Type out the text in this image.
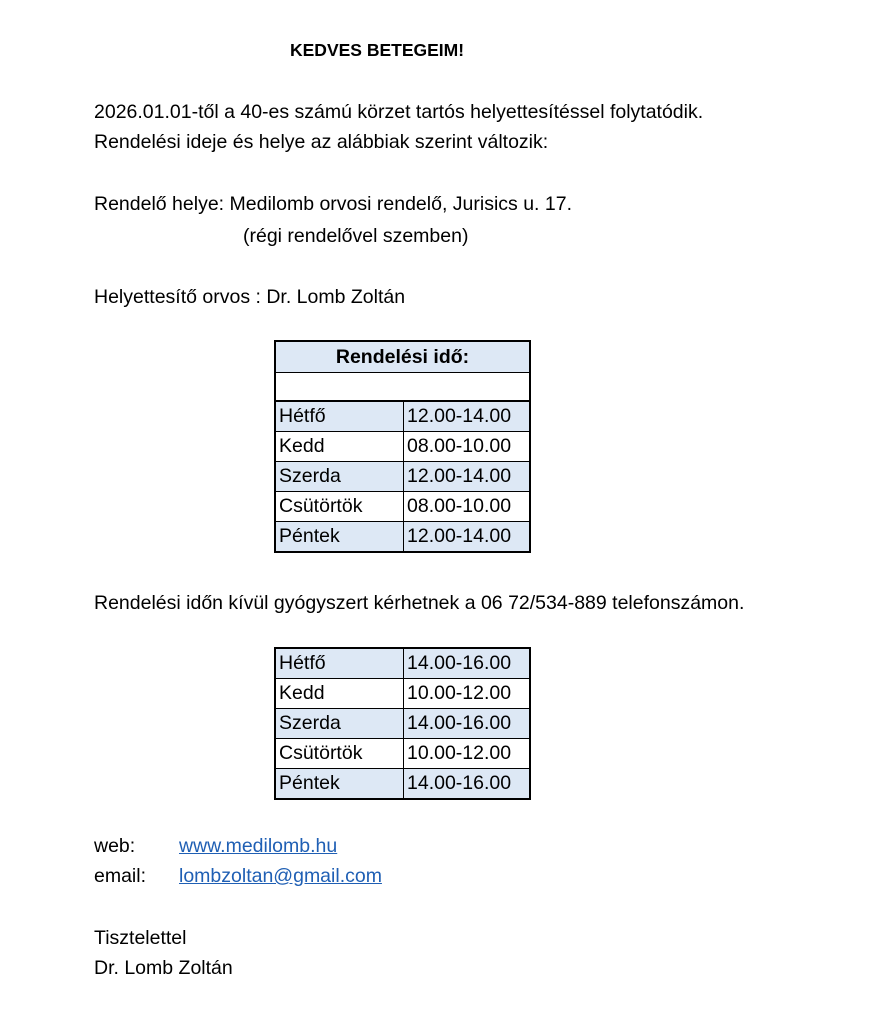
KEDVES BETEGEIM!
2026.01.01-től a 40-es számú körzet tartós helyettesítéssel folytatódik.
Rendelési ideje és helye az alábbiak szerint változik:
Rendelő helye: Medilomb orvosi rendelő, Jurisics u. 17.
(régi rendelővel szemben)
Helyettesítő orvos : Dr. Lomb Zoltán
Rendelési idő:
Hétfő	12.00-14.00
Kedd	08.00-10.00
Szerda	12.00-14.00
Csütörtök	08.00-10.00
Péntek	12.00-14.00
Rendelési időn kívül gyógyszert kérhetnek a 06 72/534-889 telefonszámon.
Hétfő	14.00-16.00
Kedd	10.00-12.00
Szerda	14.00-16.00
Csütörtök	10.00-12.00
Péntek	14.00-16.00
web: www.medilomb.hu
email: lombzoltan@gmail.com
Tisztelettel
Dr. Lomb Zoltán
